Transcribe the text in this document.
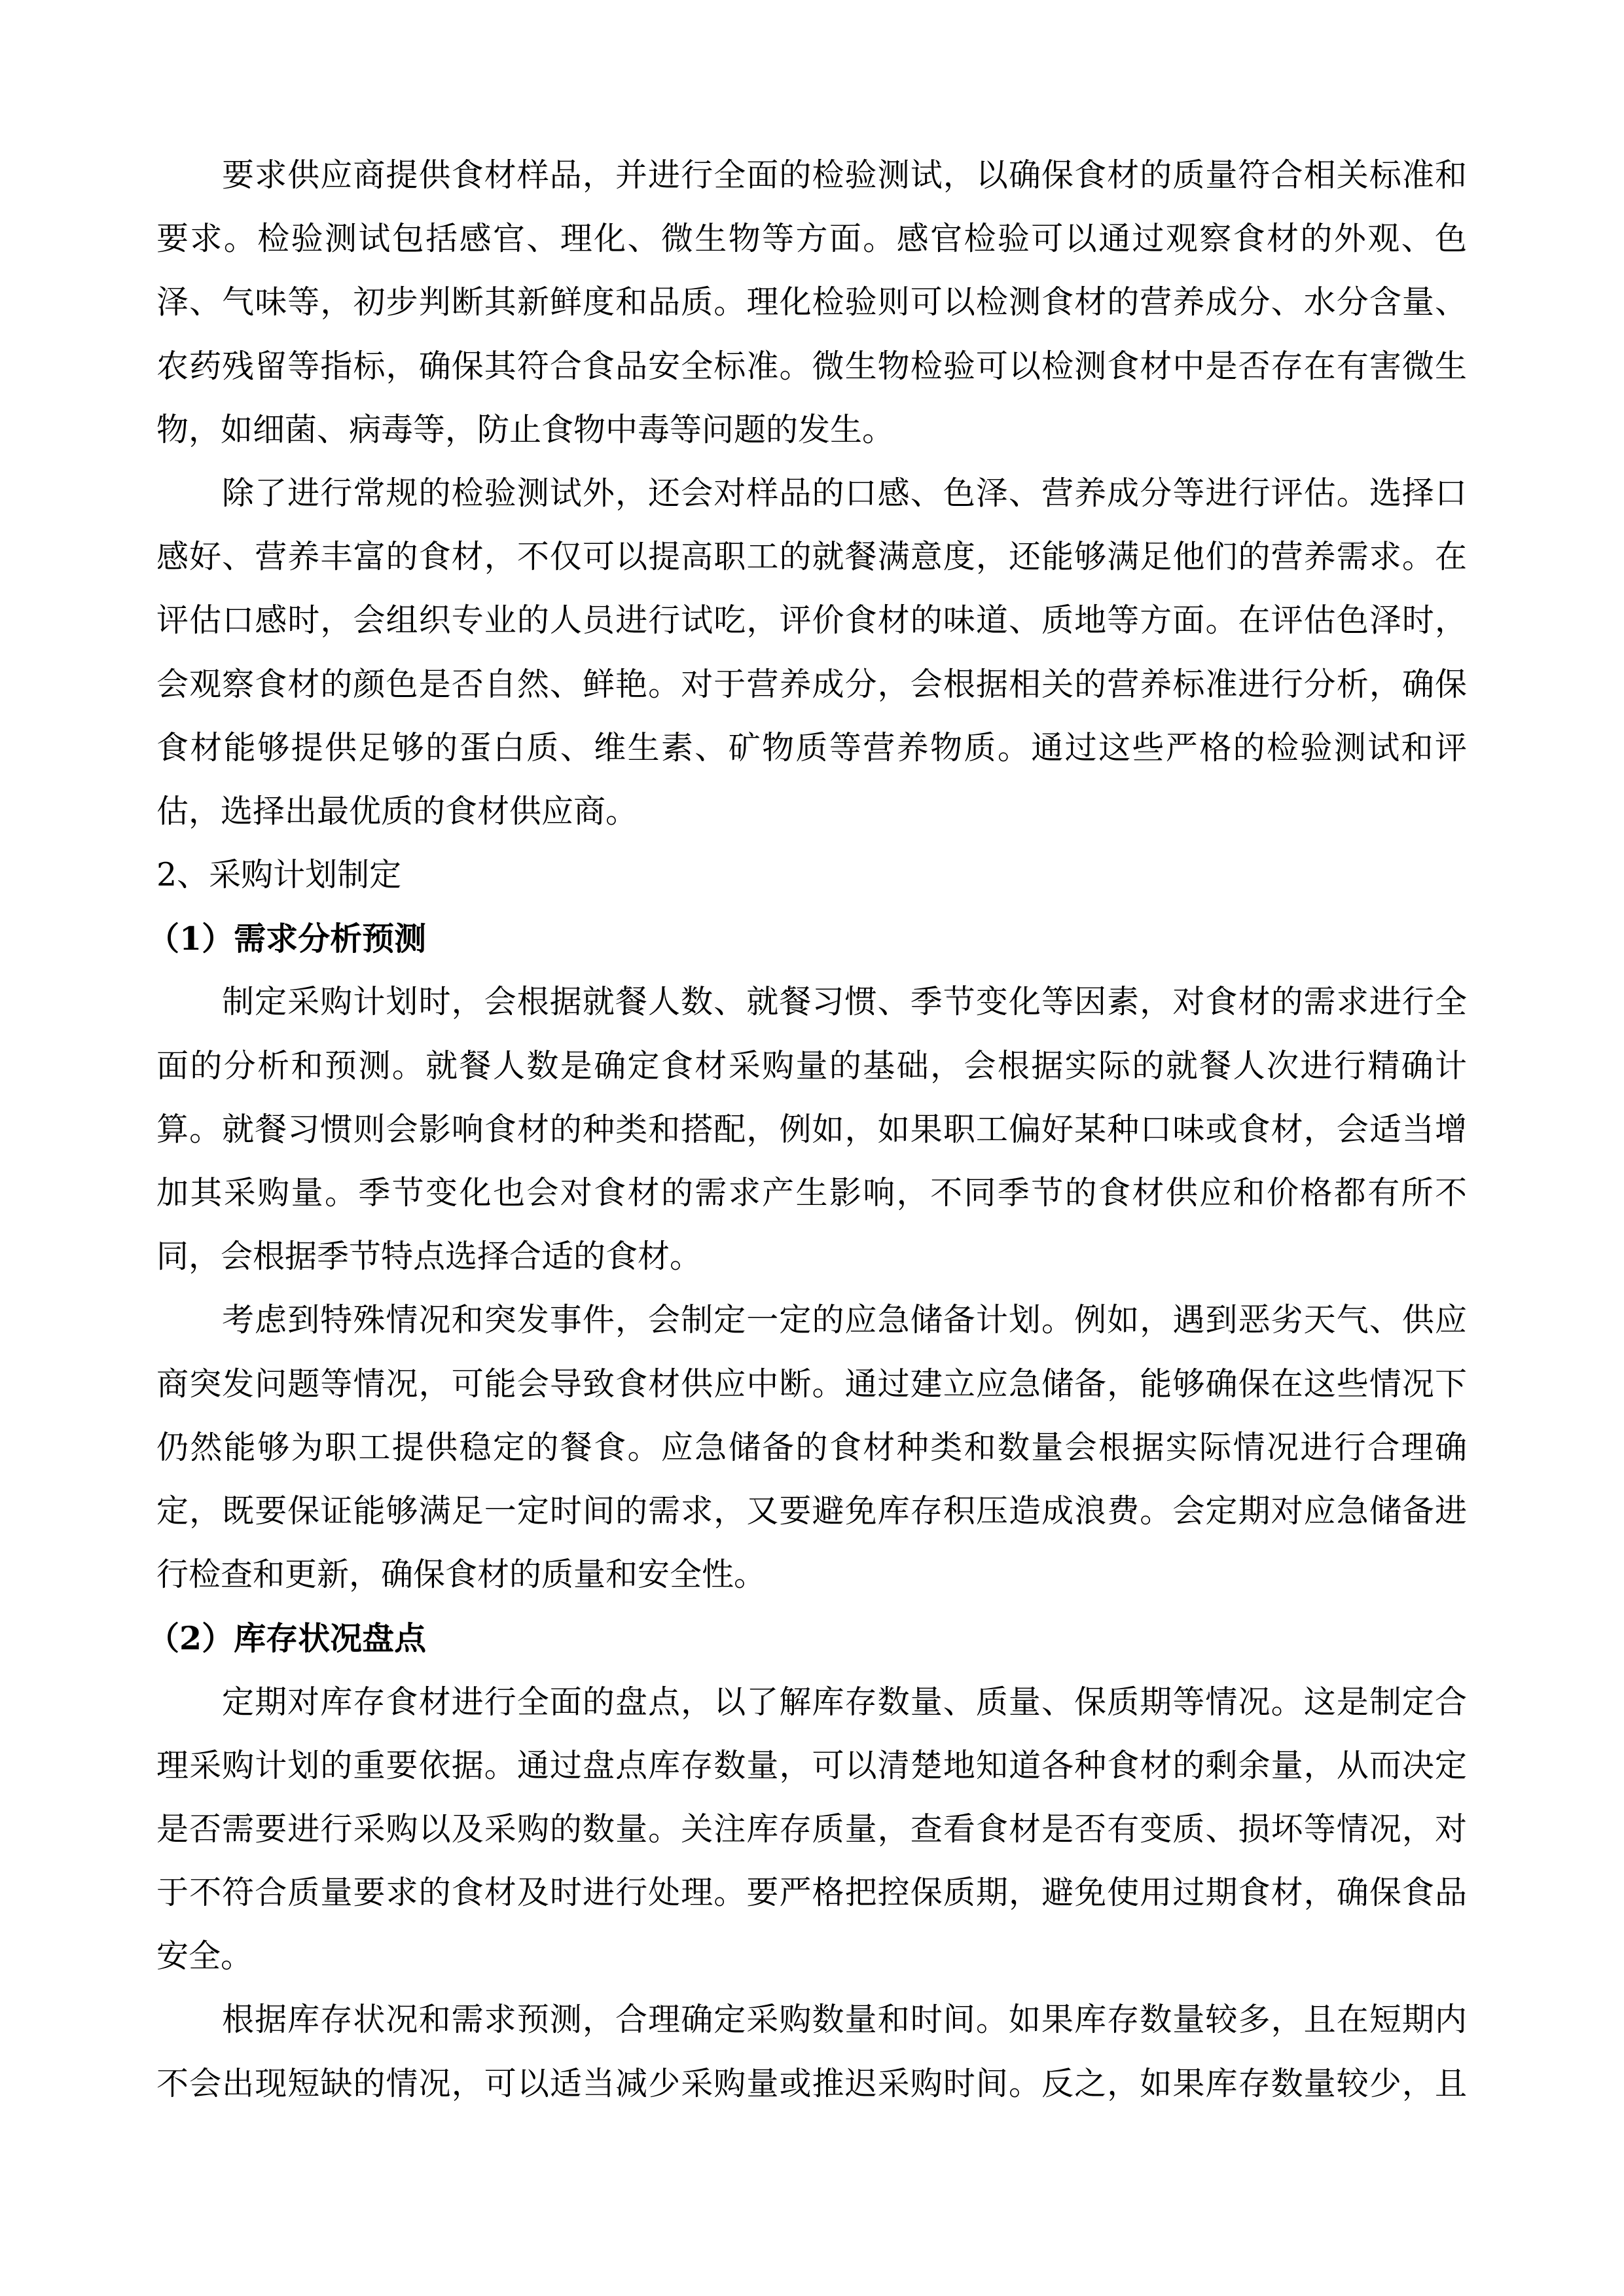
要求供应商提供食材样品，并进行全面的检验测试，以确保食材的质量符合相关标准和
要求。检验测试包括感官、理化、微生物等方面。感官检验可以通过观察食材的外观、色
泽、气味等，初步判断其新鲜度和品质。理化检验则可以检测食材的营养成分、水分含量、
农药残留等指标，确保其符合食品安全标准。微生物检验可以检测食材中是否存在有害微生
物，如细菌、病毒等，防止食物中毒等问题的发生。
除了进行常规的检验测试外，还会对样品的口感、色泽、营养成分等进行评估。选择口
感好、营养丰富的食材，不仅可以提高职工的就餐满意度，还能够满足他们的营养需求。在
评估口感时，会组织专业的人员进行试吃，评价食材的味道、质地等方面。在评估色泽时，
会观察食材的颜色是否自然、鲜艳。对于营养成分，会根据相关的营养标准进行分析，确保
食材能够提供足够的蛋白质、维生素、矿物质等营养物质。通过这些严格的检验测试和评
估，选择出最优质的食材供应商。
2、采购计划制定
（1）需求分析预测
制定采购计划时，会根据就餐人数、就餐习惯、季节变化等因素，对食材的需求进行全
面的分析和预测。就餐人数是确定食材采购量的基础，会根据实际的就餐人次进行精确计
算。就餐习惯则会影响食材的种类和搭配，例如，如果职工偏好某种口味或食材，会适当增
加其采购量。季节变化也会对食材的需求产生影响，不同季节的食材供应和价格都有所不
同，会根据季节特点选择合适的食材。
考虑到特殊情况和突发事件，会制定一定的应急储备计划。例如，遇到恶劣天气、供应
商突发问题等情况，可能会导致食材供应中断。通过建立应急储备，能够确保在这些情况下
仍然能够为职工提供稳定的餐食。应急储备的食材种类和数量会根据实际情况进行合理确
定，既要保证能够满足一定时间的需求，又要避免库存积压造成浪费。会定期对应急储备进
行检查和更新，确保食材的质量和安全性。
（2）库存状况盘点
定期对库存食材进行全面的盘点，以了解库存数量、质量、保质期等情况。这是制定合
理采购计划的重要依据。通过盘点库存数量，可以清楚地知道各种食材的剩余量，从而决定
是否需要进行采购以及采购的数量。关注库存质量，查看食材是否有变质、损坏等情况，对
于不符合质量要求的食材及时进行处理。要严格把控保质期，避免使用过期食材，确保食品
安全。
根据库存状况和需求预测，合理确定采购数量和时间。如果库存数量较多，且在短期内
不会出现短缺的情况，可以适当减少采购量或推迟采购时间。反之，如果库存数量较少，且
